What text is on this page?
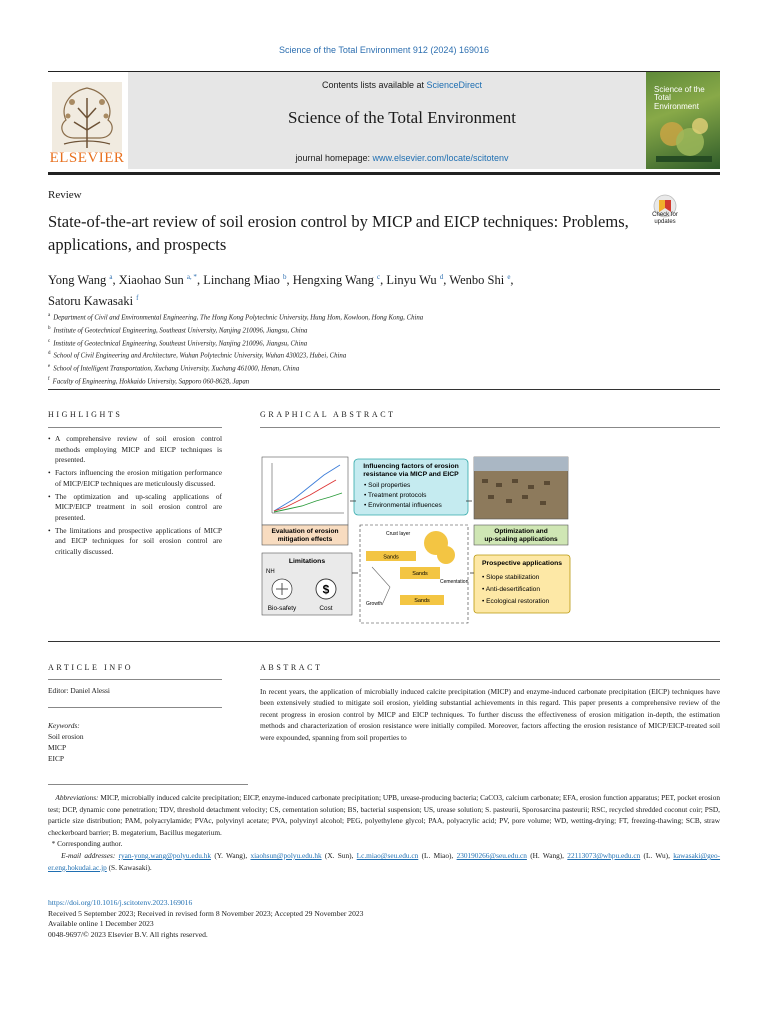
Science of the Total Environment 912 (2024) 169016
ELSEVIER
Contents lists available at ScienceDirect
Science of the Total Environment
journal homepage: www.elsevier.com/locate/scitotenv
Science of the Total Environment
Review
State-of-the-art review of soil erosion control by MICP and EICP techniques: Problems, applications, and prospects
Check for updates
Yong Wang $^a$, Xiaohao Sun $^{a, *}$, Linchang Miao $^b$, Hengxing Wang $^c$, Linyu Wu $^d$, Wenbo Shi $^e$,
Satoru Kawasaki $^f$
$^a$ Department of Civil and Environmental Engineering, The Hong Kong Polytechnic University, Hung Hom, Kowloon, Hong Kong, China
$^b$ Institute of Geotechnical Engineering, Southeast University, Nanjing 210096, Jiangsu, China
$^c$ Institute of Geotechnical Engineering, Southeast University, Nanjing 210096, Jiangsu, China
$^d$ School of Civil Engineering and Architecture, Wuhan Polytechnic University, Wuhan 430023, Hubei, China
$^e$ School of Intelligent Transportation, Xuchang University, Xuchang 461000, Henan, China
$^f$ Faculty of Engineering, Hokkaido University, Sapporo 060-8628, Japan
HIGHLIGHTS
• A comprehensive review of soil erosion control methods employing MICP and EICP techniques is presented.
• Factors influencing the erosion mitigation performance of MICP/EICP techniques are meticulously discussed.
• The optimization and up-scaling applications of MICP/EICP treatment in soil erosion control are presented.
• The limitations and prospective applications of MICP and EICP techniques for soil erosion control are critically discussed.
GRAPHICAL ABSTRACT
Evaluation of erosion
mitigation effects
Influencing factors of erosion
resistance via MICP and EICP
• Soil properties
• Treatment protocols
• Environmental influences
Optimization and
up-scaling applications
Sands
Sands
Sands
Cementation
Growth
Crust layer
Limitations
NH
$
Bio-safety	Cost
Prospective applications
• Slope stabilization
• Anti-desertification
• Ecological restoration
ARTICLE INFO
Editor: Daniel Alessi
Keywords:
Soil erosion
MICP
EICP
ABSTRACT
In recent years, the application of microbially induced calcite precipitation (MICP) and enzyme-induced carbonate precipitation (EICP) techniques have been extensively studied to mitigate soil erosion, yielding substantial achievements in this regard. This paper presents a comprehensive review of the recent progress in erosion control by MICP and EICP techniques. To further discuss the effectiveness of erosion mitigation in-depth, the estimation methods and characterization of erosion resistance were initially compiled. Moreover, factors affecting the erosion resistance of MICP/EICP-treated soil were expounded, spanning from soil properties to
Abbreviations: MICP, microbially induced calcite precipitation; EICP, enzyme-induced carbonate precipitation; UPB, urease-producing bacteria; CaCO3, calcium carbonate; EFA, erosion function apparatus; PET, pocket erosion test; DCP, dynamic cone penetration; TDV, threshold detachment velocity; CS, cementation solution; BS, bacterial suspension; US, urease solution; S. pasteurii, Sporosarcina pasteurii; RSC, recycled shredded coconut coir; PSD, particle size distribution; PAM, polyacrylamide; PVAc, polyvinyl acetate; PVA, polyvinyl alcohol; PEG, polyethylene glycol; PAA, polyacrylic acid; PV, pore volume; WD, wetting-drying; FT, freezing-thawing; SCB, straw checkerboard barrier; B. megaterium, Bacillus megaterium.
* Corresponding author.
E-mail addresses: ryan-yong.wang@polyu.edu.hk (Y. Wang), xiaohsun@polyu.edu.hk (X. Sun), Lc.miao@seu.edu.cn (L. Miao), 230190266@seu.edu.cn (H. Wang), 22113073@whpu.edu.cn (L. Wu), kawasaki@geo-er.eng.hokudai.ac.jp (S. Kawasaki).
https://doi.org/10.1016/j.scitotenv.2023.169016
Received 5 September 2023; Received in revised form 8 November 2023; Accepted 29 November 2023
Available online 1 December 2023
0048-9697/© 2023 Elsevier B.V. All rights reserved.
